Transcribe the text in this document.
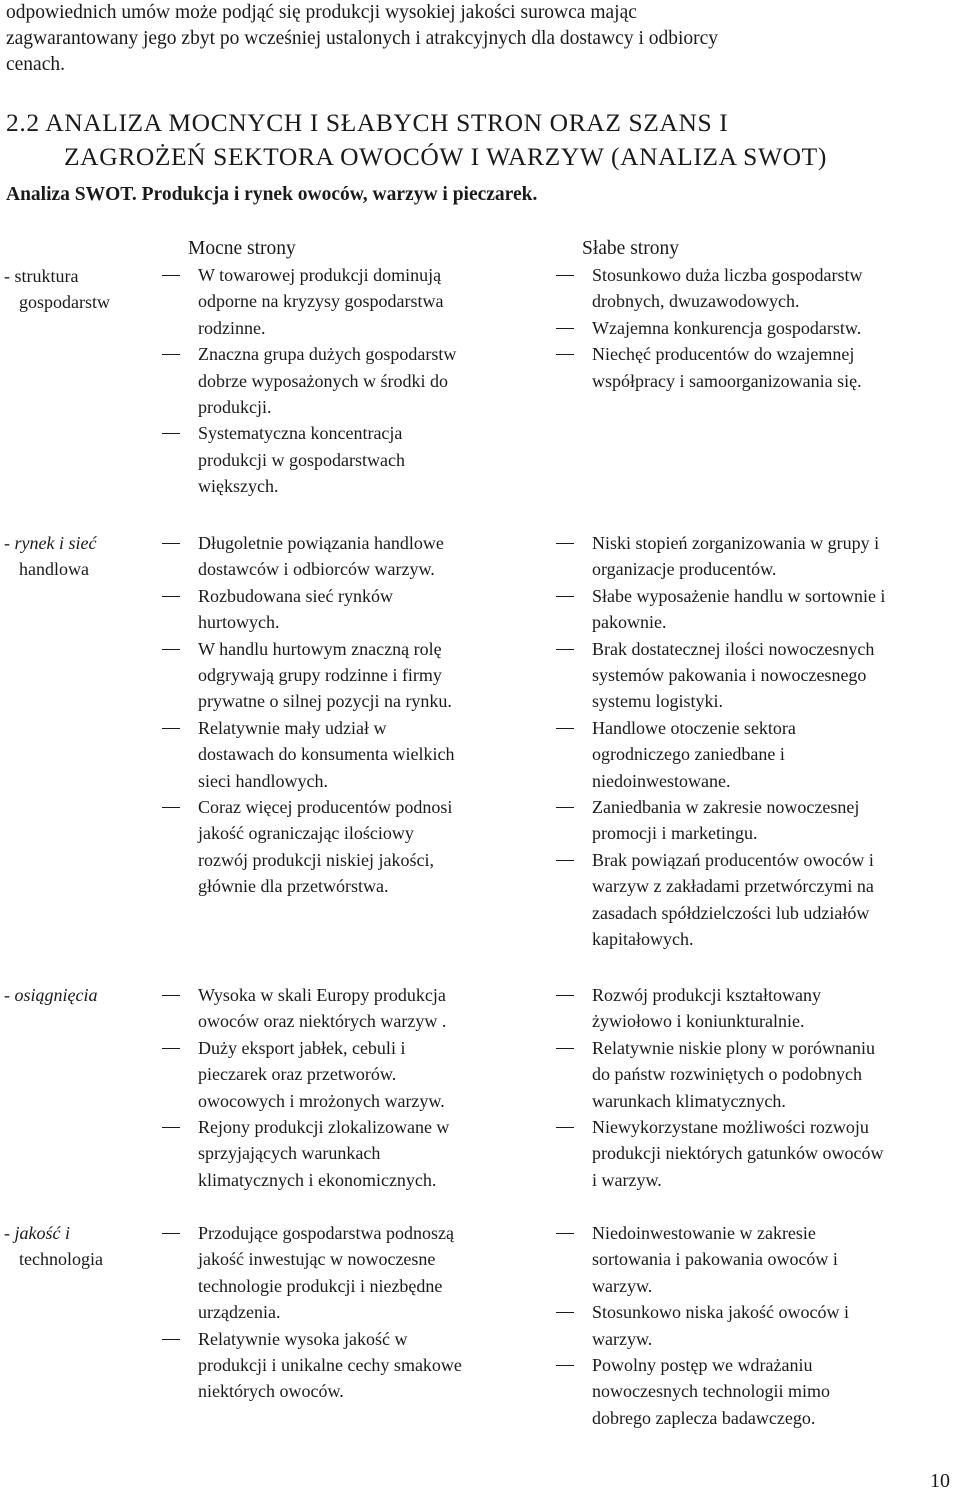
odpowiednich umów może podjąć się produkcji wysokiej jakości surowca mając
zagwarantowany jego zbyt po wcześniej ustalonych i atrakcyjnych dla dostawcy i odbiorcy
cenach.
2.2 ANALIZA MOCNYCH I SŁABYCH STRON ORAZ SZANS I
ZAGROŻEŃ SEKTORA OWOCÓW I WARZYW (ANALIZA SWOT)
Analiza SWOT. Produkcja i rynek owoców, warzyw i pieczarek.
- struktura
gospodarstw
Mocne strony
W towarowej produkcji dominują
odporne na kryzysy gospodarstwa
rodzinne.
Znaczna grupa dużych gospodarstw
dobrze wyposażonych w środki do
produkcji.
Systematyczna koncentracja
produkcji w gospodarstwach
większych.
Słabe strony
Stosunkowo duża liczba gospodarstw
drobnych, dwuzawodowych.
Wzajemna konkurencja gospodarstw.
Niechęć producentów do wzajemnej
współpracy i samoorganizowania się.
- rynek i sieć
handlowa
Długoletnie powiązania handlowe
dostawców i odbiorców warzyw.
Rozbudowana sieć rynków
hurtowych.
W handlu hurtowym znaczną rolę
odgrywają grupy rodzinne i firmy
prywatne o silnej pozycji na rynku.
Relatywnie mały udział w
dostawach do konsumenta wielkich
sieci handlowych.
Coraz więcej producentów podnosi
jakość ograniczając ilościowy
rozwój produkcji niskiej jakości,
głównie dla przetwórstwa.
Niski stopień zorganizowania w grupy i
organizacje producentów.
Słabe wyposażenie handlu w sortownie i
pakownie.
Brak dostatecznej ilości nowoczesnych
systemów pakowania i nowoczesnego
systemu logistyki.
Handlowe otoczenie sektora
ogrodniczego zaniedbane i
niedoinwestowane.
Zaniedbania w zakresie nowoczesnej
promocji i marketingu.
Brak powiązań producentów owoców i
warzyw z zakładami przetwórczymi na
zasadach spółdzielczości lub udziałów
kapitałowych.
- osiągnięcia	Wysoka w skali Europy produkcja
owoców oraz niektórych warzyw .
Duży eksport jabłek, cebuli i
pieczarek oraz przetworów.
owocowych i mrożonych warzyw.
Rejony produkcji zlokalizowane w
sprzyjających warunkach
klimatycznych i ekonomicznych.
Rozwój produkcji kształtowany
żywiołowo i koniunkturalnie.
Relatywnie niskie plony w porównaniu
do państw rozwiniętych o podobnych
warunkach klimatycznych.
Niewykorzystane możliwości rozwoju
produkcji niektórych gatunków owoców
i warzyw.
- jakość i
technologia
Przodujące gospodarstwa podnoszą
jakość inwestując w nowoczesne
technologie produkcji i niezbędne
urządzenia.
Relatywnie wysoka jakość w
produkcji i unikalne cechy smakowe
niektórych owoców.
Niedoinwestowanie w zakresie
sortowania i pakowania owoców i
warzyw.
Stosunkowo niska jakość owoców i
warzyw.
Powolny postęp we wdrażaniu
nowoczesnych technologii mimo
dobrego zaplecza badawczego.
10
